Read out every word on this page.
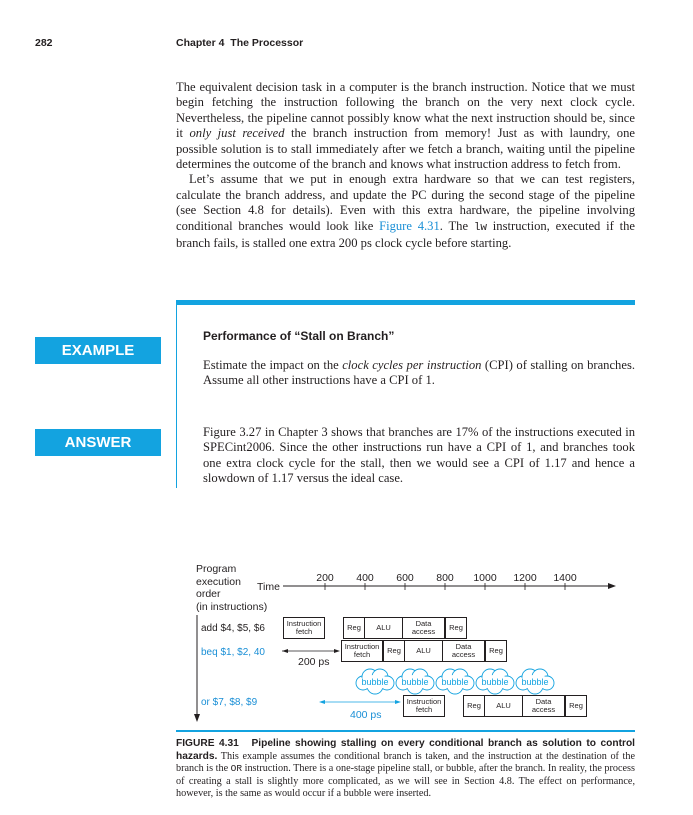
282	Chapter 4 The Processor

The equivalent decision task in a computer is the branch instruction. Notice that we must begin fetching the instruction following the branch on the very next clock cycle. Nevertheless, the pipeline cannot possibly know what the next instruction should be, since it only just received the branch instruction from memory! Just as with laundry, one possible solution is to stall immediately after we fetch a branch, waiting until the pipeline determines the outcome of the branch and knows what instruction address to fetch from.

Let’s assume that we put in enough extra hardware so that we can test registers, calculate the branch address, and update the PC during the second stage of the pipeline (see Section 4.8 for details). Even with this extra hardware, the pipeline involving conditional branches would look like Figure 4.31. The lw instruction, executed if the branch fails, is stalled one extra 200 ps clock cycle before starting.

EXAMPLE
ANSWER
Performance of “Stall on Branch”
Estimate the impact on the clock cycles per instruction (CPI) of stalling on branches. Assume all other instructions have a CPI of 1.
Figure 3.27 in Chapter 3 shows that branches are 17% of the instructions executed in SPECint2006. Since the other instructions run have a CPI of 1, and branches took one extra clock cycle for the stall, then we would see a CPI of 1.17 and hence a slowdown of 1.17 versus the ideal case.
Program
execution
order
(in instructions)
Time
200 400 600 800 1000 1200 1400
bubble bubble bubble bubble bubble
200 ps
400 ps
add $4, $5, $6
beq $1, $2, 40
or $7, $8, $9
Instruction
fetch	Reg	ALU	Data
access	Reg
Instruction
fetch	Reg	ALU	Data
access	Reg
Instruction
fetch	Reg	ALU	Data
access	Reg
FIGURE 4.31 Pipeline showing stalling on every conditional branch as solution to control hazards. This example assumes the conditional branch is taken, and the instruction at the destination of the branch is the OR instruction. There is a one-stage pipeline stall, or bubble, after the branch. In reality, the process of creating a stall is slightly more complicated, as we will see in Section 4.8. The effect on performance, however, is the same as would occur if a bubble were inserted.
